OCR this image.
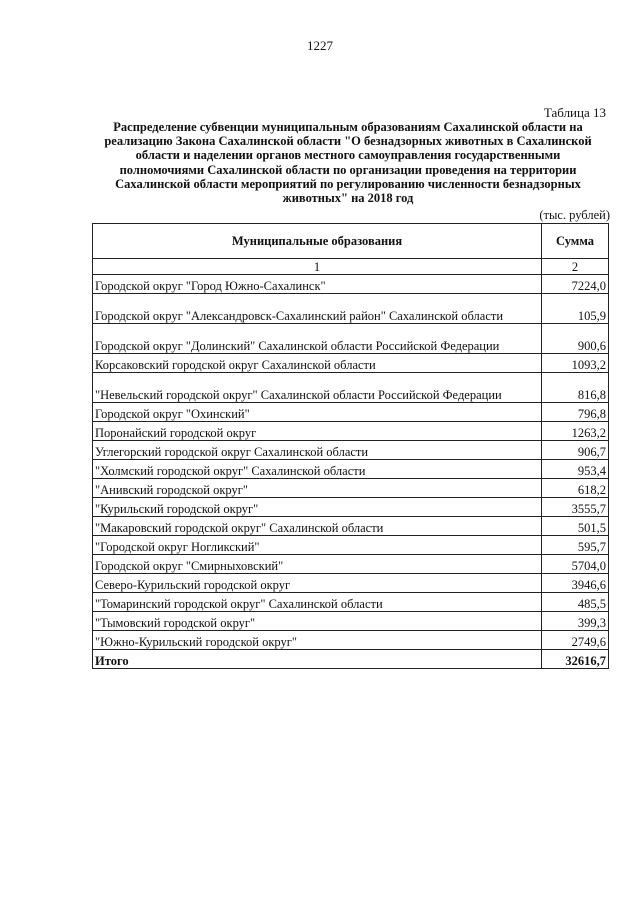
1227
Таблица 13
Распределение субвенции муниципальным образованиям Сахалинской области на реализацию Закона Сахалинской области "О безнадзорных животных в Сахалинской области и наделении органов местного самоуправления государственными полномочиями Сахалинской области по организации проведения на территории Сахалинской области мероприятий по регулированию численности безнадзорных животных" на 2018 год
(тыс. рублей)
Муниципальные образования	Сумма
1	2
Городской округ "Город Южно-Сахалинск"	7224,0
Городской округ "Александровск-Сахалинский район" Сахалинской области	105,9
Городской округ "Долинский" Сахалинской области Российской Федерации	900,6
Корсаковский городской округ Сахалинской области	1093,2
"Невельский городской округ" Сахалинской области Российской Федерации	816,8
Городской округ "Охинский"	796,8
Поронайский городской округ	1263,2
Углегорский городской округ Сахалинской области	906,7
"Холмский городской округ" Сахалинской области	953,4
"Анивский городской округ"	618,2
"Курильский городской округ"	3555,7
"Макаровский городской округ" Сахалинской области	501,5
"Городской округ Ногликский"	595,7
Городской округ "Смирныховский"	5704,0
Северо-Курильский городской округ	3946,6
"Томаринский городской округ" Сахалинской области	485,5
"Тымовский городской округ"	399,3
"Южно-Курильский городской округ"	2749,6
Итого	32616,7
